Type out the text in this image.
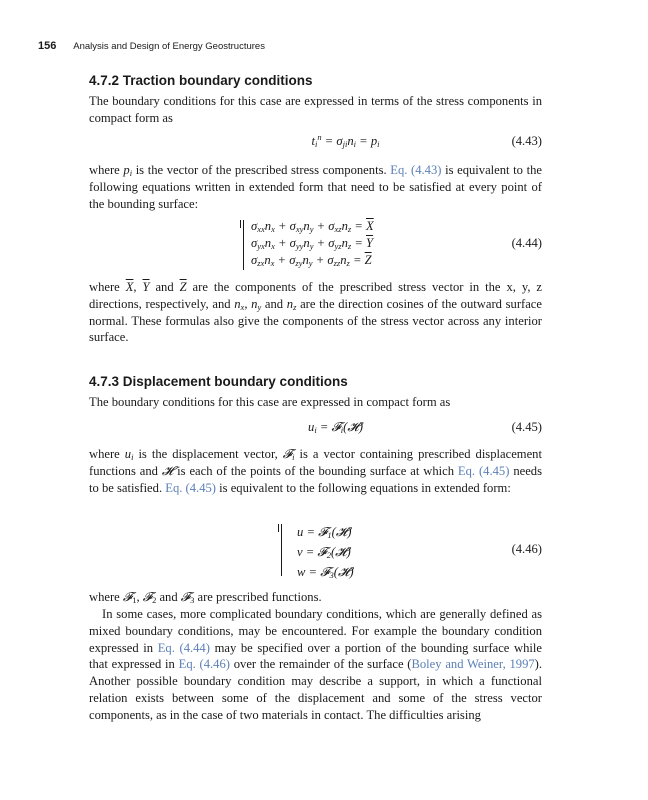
156 Analysis and Design of Energy Geostructures
4.7.2 Traction boundary conditions

The boundary conditions for this case are expressed in terms of the stress components in compact form as

$t_i^n = \sigma_{ji}n_i = p_i$	(4.43)

where $p_i$ is the vector of the prescribed stress components. Eq. (4.43) is equivalent to the following equations written in extended form that need to be satisfied at every point of the bounding surface:

$\sigma_{xx}n_x + \sigma_{xy}n_y + \sigma_{xz}n_z = \overline{X}$
$\sigma_{yx}n_x + \sigma_{yy}n_y + \sigma_{yz}n_z = \overline{Y}$
$\sigma_{zx}n_x + \sigma_{zy}n_y + \sigma_{zz}n_z = \overline{Z}$
(4.44)

where $\overline{X}$, $\overline{Y}$ and $\overline{Z}$ are the components of the prescribed stress vector in the x, y, z directions, respectively, and $n_x$, $n_y$ and $n_z$ are the direction cosines of the outward surface normal. These formulas also give the components of the stress vector across any interior surface.

4.7.3 Displacement boundary conditions

The boundary conditions for this case are expressed in compact form as

$u_i$ = 𝓕$_i$(𝓗)	(4.45)

where $u_i$ is the displacement vector, 𝓕$_i$ is a vector containing prescribed displacement functions and 𝓗 is each of the points of the bounding surface at which Eq. (4.45) needs to be satisfied. Eq. (4.45) is equivalent to the following equations in extended form:

u = 𝓕$_1$(𝓗)
v = 𝓕$_2$(𝓗)
w = 𝓕$_3$(𝓗)
(4.46)

where 𝓕$_1$, 𝓕$_2$ and 𝓕$_3$ are prescribed functions.

In some cases, more complicated boundary conditions, which are generally defined as mixed boundary conditions, may be encountered. For example the boundary condition expressed in Eq. (4.44) may be specified over a portion of the bounding surface while that expressed in Eq. (4.46) over the remainder of the surface (Boley and Weiner, 1997). Another possible boundary condition may describe a support, in which a functional relation exists between some of the displacement and some of the stress vector components, as in the case of two materials in contact. The difficulties arising
